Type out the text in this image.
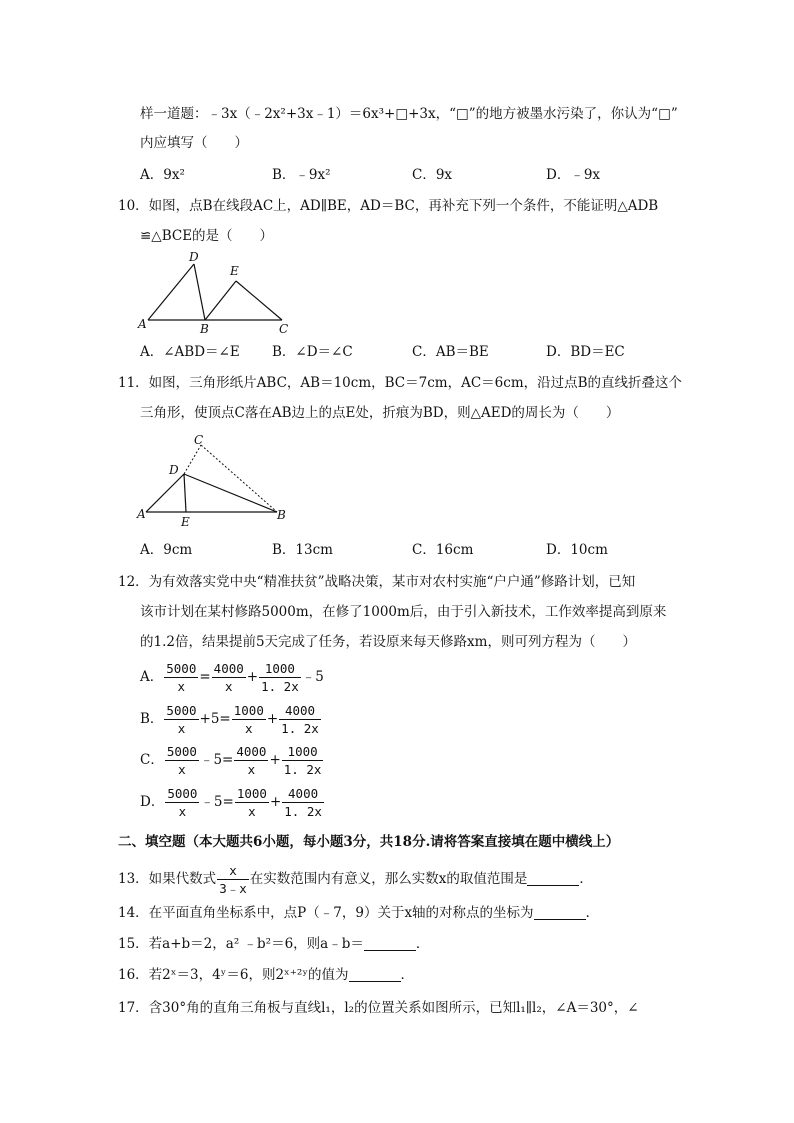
样一道题：﹣3x（﹣2x²+3x﹣1）＝6x³+□+3x，“□”的地方被墨水污染了，你认为“□”
内应填写（　　）
A．9x²	B．﹣9x²	C．9x	D．﹣9x
10．如图，点B在线段AC上，AD∥BE，AD＝BC，再补充下列一个条件，不能证明△ADB
≌△BCE的是（　　）
D
E
A	B	C
A．∠ABD＝∠E B．∠D＝∠C	C．AB＝BE	D．BD＝EC
11．如图，三角形纸片ABC，AB＝10cm，BC＝7cm，AC＝6cm，沿过点B的直线折叠这个
三角形，使顶点C落在AB边上的点E处，折痕为BD，则△AED的周长为（　　）
C
D
A
E	B
A．9cm	B．13cm	C．16cm	D．10cm
12．为有效落实党中央“精准扶贫”战略决策，某市对农村实施“户户通”修路计划，已知
该市计划在某村修路5000m，在修了1000m后，由于引入新技术，工作效率提高到原来
的1.2倍，结果提前5天完成了任务，若设原来每天修路xm，则可列方程为（　　）
A． $\frac{5000}{x} = \frac{4000}{x} + \frac{1000}{1. 2x}$ ﹣5
B． $\frac{5000}{x} +5= \frac{1000}{x} + \frac{4000}{1. 2x}$
C． $\frac{5000}{x}$ ﹣5= $\frac{4000}{x} + \frac{1000}{1. 2x}$
D． $\frac{5000}{x}$ ﹣5= $\frac{1000}{x} + \frac{4000}{1. 2x}$
二、填空题（本大题共6小题，每小题3分，共18分.请将答案直接填在题中横线上）
13．如果代数式 $\frac{x}{3﹣x}$ 在实数范围内有意义，那么实数x的取值范围是	．
14．在平面直角坐标系中，点P（﹣7，9）关于x轴的对称点的坐标为	．
15．若a+b＝2，a² ﹣b²＝6，则a﹣b＝	．
16．若2ˣ＝3，4ʸ＝6，则2ˣ⁺²ʸ的值为	．
17．含30°角的直角三角板与直线l₁，l₂的位置关系如图所示，已知l₁∥l₂，∠A＝30°，∠
